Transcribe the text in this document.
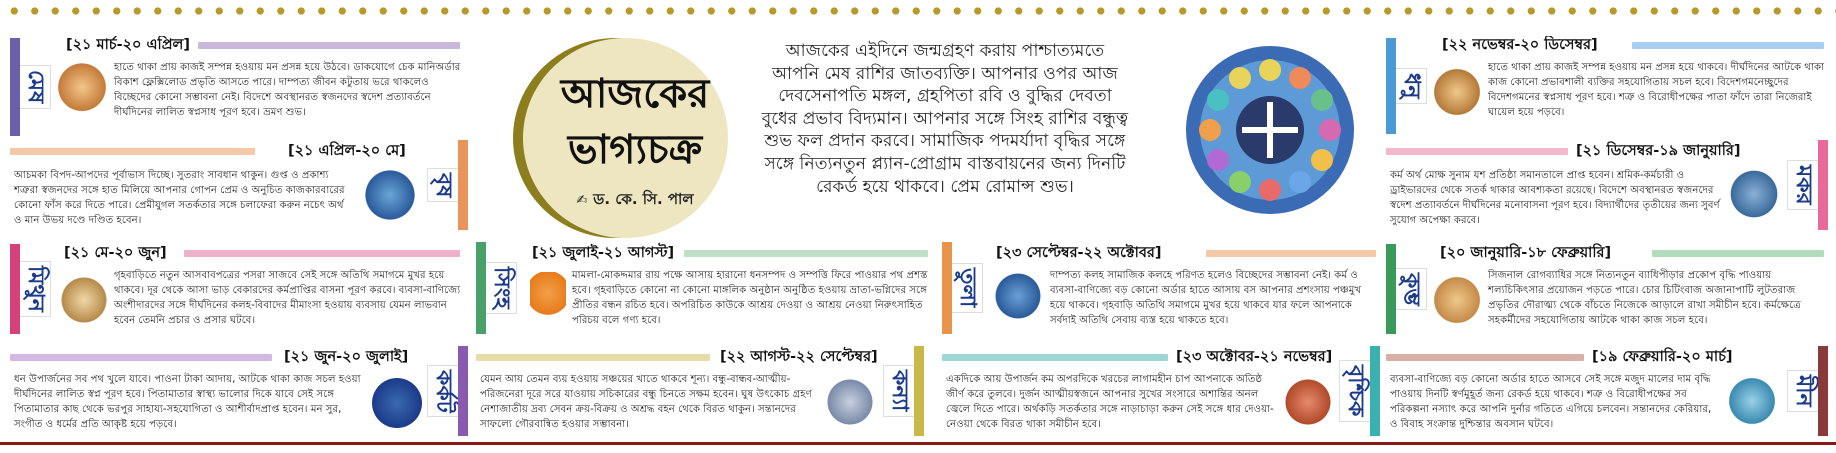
মেষ
[২১ মার্চ-২০ এপ্রিল]
হাতে থাকা প্রায় কাজই সম্পন্ন হওয়ায় মন প্রসন্ন হয়ে উঠবে। ডাকযোগে চেক মানিঅর্ডার বিকাশ ফ্লেক্সিলোড প্রভৃতি আসতে পারে। দাম্পত্য জীবন কটুতায় ভরে থাকলেও বিচ্ছেদের কোনো সম্ভাবনা নেই। বিদেশে অবস্থানরত স্বজনদের স্বদেশ প্রত্যাবর্তনে দীর্ঘদিনের লালিত স্বপ্নসাধ পূরণ হবে। ভ্রমণ শুভ।
[২১ এপ্রিল-২০ মে]
আচমকা বিপদ-আপদের পূর্বাভাস দিচ্ছে। সুতরাং সাবধান থাকুন। গুপ্ত ও প্রকাশ্য শত্রুরা স্বজনদের সঙ্গে হাত মিলিয়ে আপনার গোপন প্রেম ও অনুচিত কাজকারবারের কোনো ফাঁস করে দিতে পারে। প্রেমীযুগল সতর্কতার সঙ্গে চলাফেরা করুন নচেৎ অর্থ ও মান উভয় দণ্ডে দণ্ডিত হবেন।
বৃষ
মিথুন
[২১ মে-২০ জুন]
গৃহবাড়িতে নতুন আসবাবপত্রের পসরা সাজবে সেই সঙ্গে অতিথি সমাগমে মুখর হয়ে থাকবে। দূর থেকে আসা ভাড় বেকারদের কর্মপ্রাপ্তির বাসনা পূরণ করবে। ব্যবসা-বাণিজ্যে অংশীদারদের সঙ্গে দীর্ঘদিনের কলহ-বিবাদের মীমাংসা হওয়ায় ব্যবসায় যেমন লাভবান হবেন তেমনি প্রচার ও প্রসার ঘটবে।
[২১ জুন-২০ জুলাই]
ধন উপার্জনের সব পথ খুলে যাবে। পাওনা টাকা আদায়, আটকে থাকা কাজ সচল হওয়া দীর্ঘদিনের লালিত স্বপ্ন পূরণ হবে। পিতামাতার স্বাস্থ্য ভালোর দিকে যাবে সেই সঙ্গে পিতামাতার কাছ থেকে ভরপুর সাহায্য-সহযোগিতা ও আশীর্বাদপ্রাপ্ত হবেন। মন সুর, সংগীত ও ধর্মের প্রতি আকৃষ্ট হয়ে পড়বে।
কর্কট
আজকের
ভাগ্যচক্র
✍ ড. কে. সি. পাল
আজকের এইদিনে জন্মগ্রহণ করায় পাশ্চাত্যমতে আপনি মেষ রাশির জাতব্যক্তি। আপনার ওপর আজ দেবসেনাপতি মঙ্গল, গ্রহপিতা রবি ও বুদ্ধির দেবতা বুধের প্রভাব বিদ্যমান। আপনার সঙ্গে সিংহ রাশির বন্ধুত্ব শুভ ফল প্রদান করবে। সামাজিক পদমর্যাদা বৃদ্ধির সঙ্গে সঙ্গে নিত্যনতুন প্ল্যান-প্রোগ্রাম বাস্তবায়নের জন্য দিনটি রেকর্ড হয়ে থাকবে। প্রেম রোমান্স শুভ।
সিংহ
[২১ জুলাই-২১ আগস্ট]
মামলা-মোকদ্দমার রায় পক্ষে আসায় হারানো ধনসম্পদ ও সম্পত্তি ফিরে পাওয়ার পথ প্রশস্ত হবে। গৃহবাড়িতে কোনো না কোনো মাঙ্গলিক অনুষ্ঠান অনুষ্ঠিত হওয়ায় ভ্রাতা-ভগ্নিদের সঙ্গে প্রীতির বন্ধন রচিত হবে। অপরিচিত কাউকে আশ্রয় দেওয়া ও আশ্রয় নেওয়া নিরুৎসাহিত পরিচয় বলে গণ্য হবে।
[২২ আগস্ট-২২ সেপ্টেম্বর]
যেমন আয় তেমন ব্যয় হওয়ায় সঞ্চয়ের খাতে থাকবে শূন্য। বন্ধু-বান্ধব-আত্মীয়-পরিজনেরা দূরে সরে যাওয়ায় সচিকারের বন্ধু চিনতে সক্ষম হবেন। ঘুষ উৎকোচ গ্রহণ নেশাজাতীয় দ্রব্য সেবন ক্রয়-বিক্রয় ও অশ্রদ্ধ বহন থেকে বিরত থাকুন। সন্তানদের সাফল্যে গৌরবান্বিত হওয়ার সম্ভাবনা।
কন্যা
তুলা
[২৩ সেপ্টেম্বর-২২ অক্টোবর]
দাম্পত্য কলহ সামাজিক কলহে পরিণত হলেও বিচ্ছেদের সম্ভাবনা নেই। কর্ম ও ব্যবসা-বাণিজ্যে বড় কোনো অর্ডার হাতে আসায় বস আপনার প্রশংসায় পঞ্চমুখ হয়ে থাকবে। গৃহবাড়ি অতিথি সমাগমে মুখর হয়ে থাকবে যার ফলে আপনাকে সর্বদাই অতিথি সেবায় ব্যস্ত হয়ে থাকতে হবে।
[২৩ অক্টোবর-২১ নভেম্বর]
একদিকে আয় উপার্জন কম অপরদিকে খরচের লাগামহীন চাপ আপনাকে অতিষ্ঠ জীর্ণ করে তুলবে। দুর্জন আত্মীয়স্বজনে আপনার সুখের সংসারে অশান্তির অনল জ্বেলে দিতে পারে। অর্থকড়ি সতর্কতার সঙ্গে নাড়াচাড়া করুন সেই সঙ্গে ধার দেওয়া-নেওয়া থেকে বিরত থাকা সমীচীন হবে।
বৃশ্চিক
ধনু
[২২ নভেম্বর-২০ ডিসেম্বর]
হাতে থাকা প্রায় কাজই সম্পন্ন হওয়ায় মন প্রসন্ন হয়ে থাকবে। দীর্ঘদিনের আটকে থাকা কাজ কোনো প্রভাবশালী ব্যক্তির সহযোগিতায় সচল হবে। বিদেশগমনেচ্ছুদের বিদেশগমনের স্বপ্নসাধ পূরণ হবে। শত্রু ও বিরোধীপক্ষের পাতা ফাঁদে তারা নিজেরাই ঘায়েল হয়ে পড়বে।
[২১ ডিসেম্বর-১৯ জানুয়ারি]
কর্ম অর্থ মোক্ষ সুনাম যশ প্রতিষ্ঠা সমানতালে প্রাপ্ত হবেন। শ্রমিক-কর্মচারী ও ড্রাইভারদের থেকে সতর্ক থাকার আবশ্যকতা রয়েছে। বিদেশে অবস্থানরত স্বজনদের স্বদেশ প্রত্যাবর্তনে দীর্ঘদিনের মনোবাসনা পূরণ হবে। বিদ্যার্থীদের তৃতীয়ের জন্য সুবর্ণ সুযোগ অপেক্ষা করবে।
মকর
কুম্ভ
[২০ জানুয়ারি-১৮ ফেব্রুয়ারি]
সিজনাল রোগব্যাধির সঙ্গে নিত্যনতুন ব্যাধিপীড়ার প্রকোপ বৃদ্ধি পাওয়ায় শল্যচিকিৎসার প্রয়োজন পড়তে পারে। চোর চিটিংবাজ অজানাপাটি লুটতরাজ প্রভৃতির দৌরাত্ম্য থেকে বাঁচতে নিজেকে আড়ালে রাখা সমীচীন হবে। কর্মক্ষেত্রে সহকর্মীদের সহযোগিতায় আটকে থাকা কাজ সচল হবে।
[১৯ ফেব্রুয়ারি-২০ মার্চ]
ব্যবসা-বাণিজ্যে বড় কোনো অর্ডার হাতে আসবে সেই সঙ্গে মজুদ মালের দাম বৃদ্ধি পাওয়ায় দিনটি স্বর্ণমুহূর্ত জন্য রেকর্ড হয়ে থাকবে। শত্রু ও বিরোধীপক্ষের সব পরিকল্পনা নস্যাৎ করে আপনি দুর্নার গতিতে এগিয়ে চলবেন। সন্তানদের কেরিয়ার, ও বিবাহ সংক্রান্ত দুশ্চিন্তার অবসান ঘটবে।
মীন
